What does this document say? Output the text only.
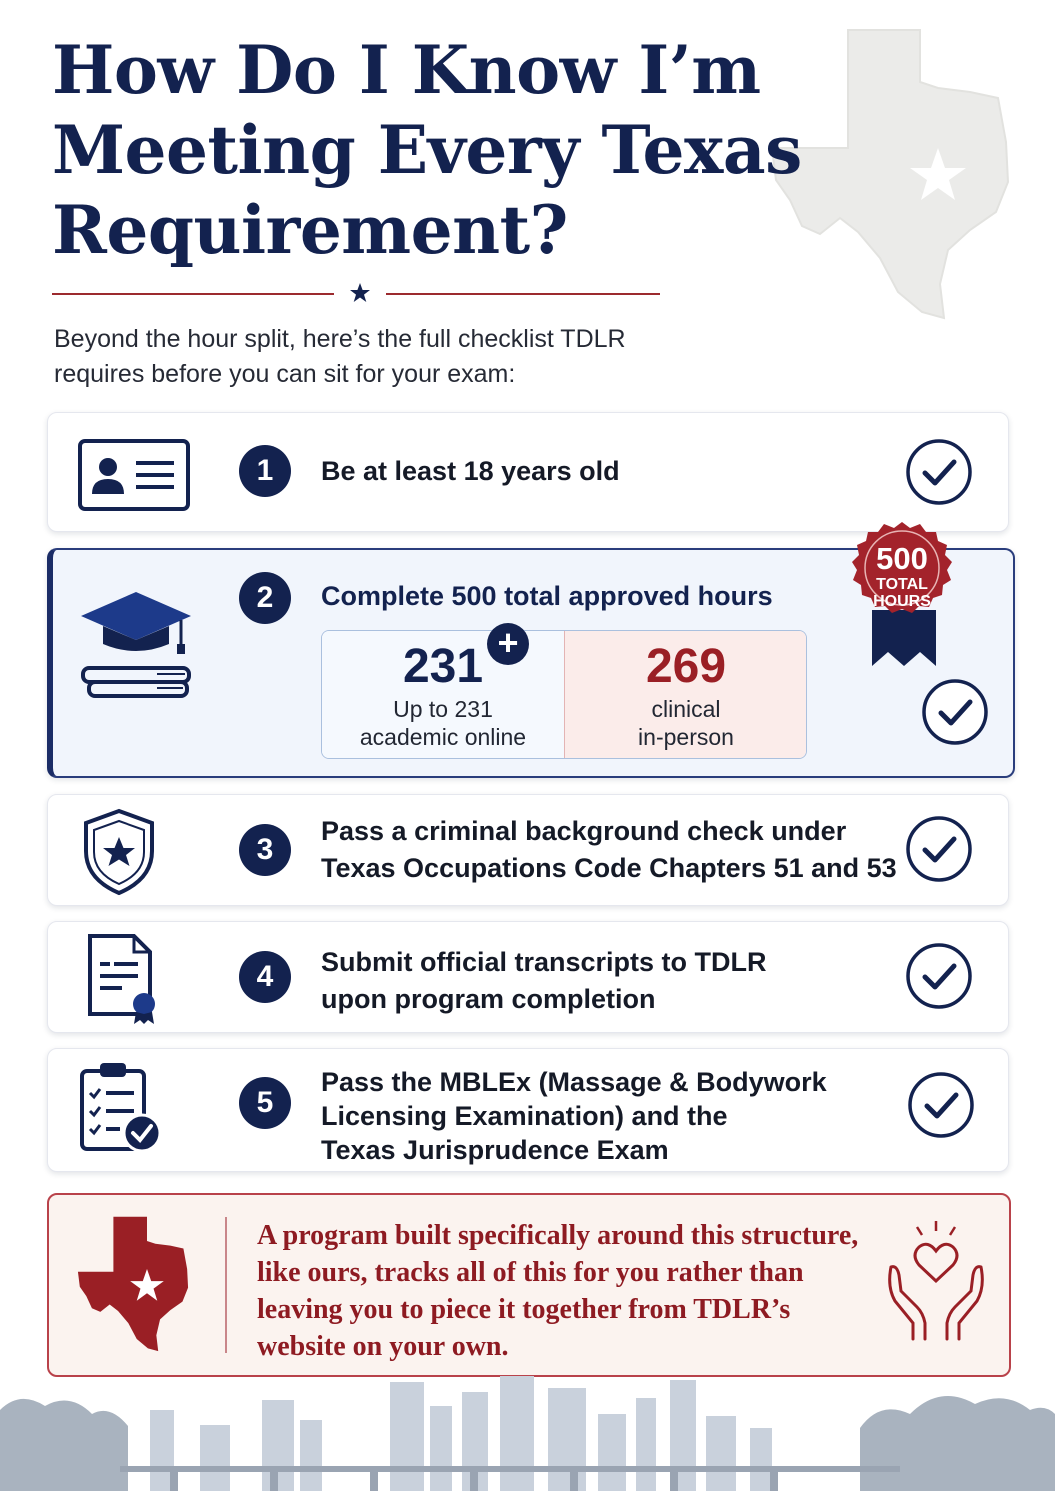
How Do I Know I’m
Meeting Every Texas
Requirement?

Beyond the hour split, here’s the full checklist TDLR
requires before you can sit for your exam:

1	Be at least 18 years old
2	Complete 500 total approved hours
231
Up to 231
academic online
269
clinical
in-person
+
500
TOTAL
HOURS
3
Pass a criminal background check under
Texas Occupations Code Chapters 51 and 53
4	Submit official transcripts to TDLR
upon program completion
5
Pass the MBLEx (Massage & Bodywork
Licensing Examination) and the
Texas Jurisprudence Exam

A program built specifically around this structure,
like ours, tracks all of this for you rather than
leaving you to piece it together from TDLR’s
website on your own.
